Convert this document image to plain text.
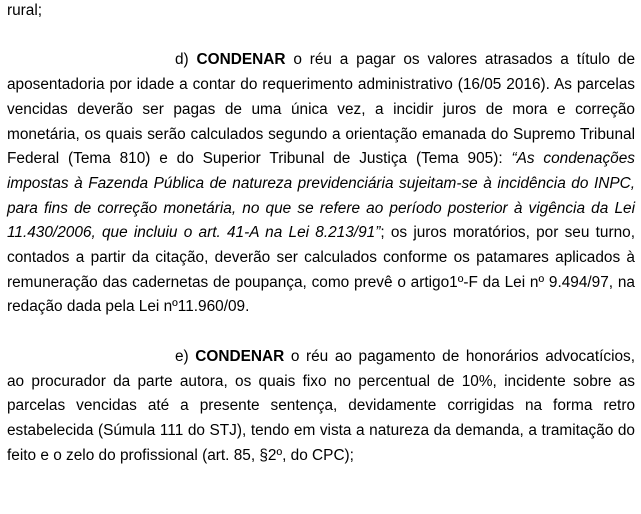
rural;

d) CONDENAR o réu a pagar os valores atrasados a título de aposentadoria por idade a contar do requerimento administrativo (16/05 2016). As parcelas vencidas deverão ser pagas de uma única vez, a incidir juros de mora e correção monetária, os quais serão calculados segundo a orientação emanada do Supremo Tribunal Federal (Tema 810) e do Superior Tribunal de Justiça (Tema 905): “As condenações impostas à Fazenda Pública de natureza previdenciária sujeitam-se à incidência do INPC, para fins de correção monetária, no que se refere ao período posterior à vigência da Lei 11.430/2006, que incluiu o art. 41-A na Lei 8.213/91”; os juros moratórios, por seu turno, contados a partir da citação, deverão ser calculados conforme os patamares aplicados à remuneração das cadernetas de poupança, como prevê o artigo1º-F da Lei nº 9.494/97, na redação dada pela Lei nº11.960/09.

e) CONDENAR o réu ao pagamento de honorários advocatícios, ao procurador da parte autora, os quais fixo no percentual de 10%, incidente sobre as parcelas vencidas até a presente sentença, devidamente corrigidas na forma retro estabelecida (Súmula 111 do STJ), tendo em vista a natureza da demanda, a tramitação do feito e o zelo do profissional (art. 85, §2º, do CPC);
